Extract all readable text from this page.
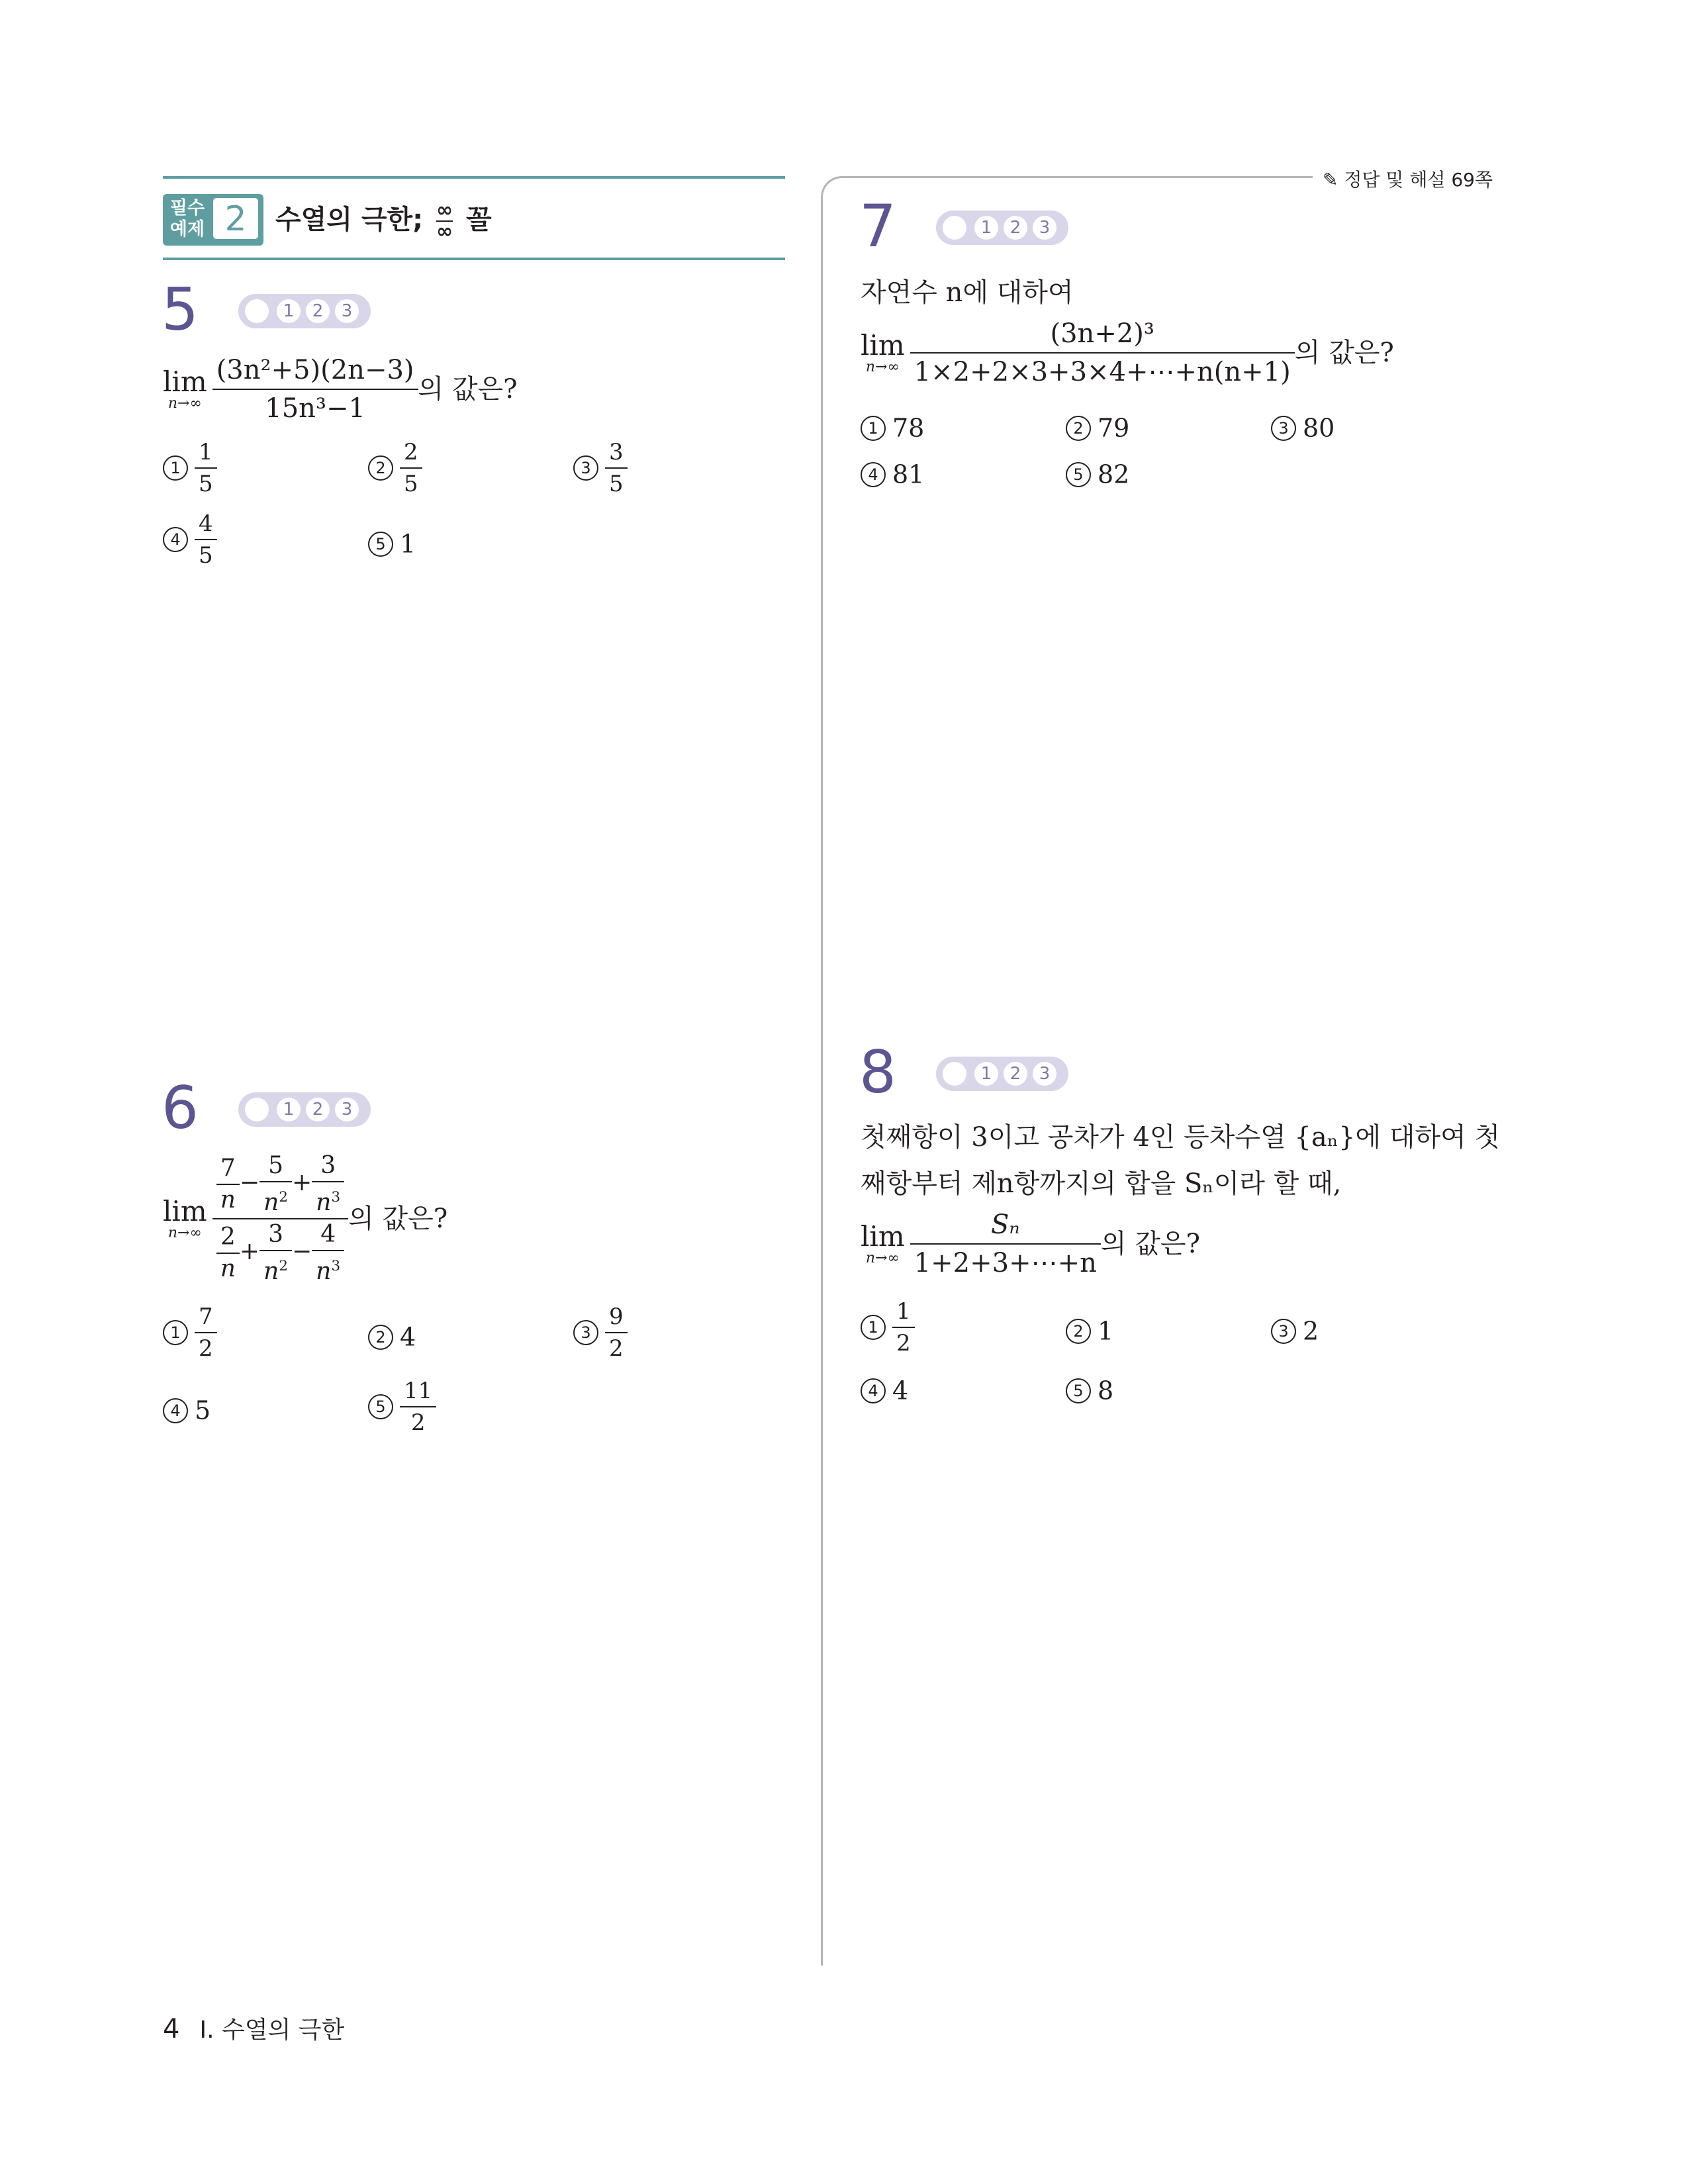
필수
예제 2	수열의 극한; $\frac{\infty}{\infty}$ 꼴
✎ 정답 및 해설 69쪽
5	1	2	3
lim
$n\to\infty \frac{\text{(3n²+5)(2n−3)}}{\text{15n³−1}}$ 의 값은?
$1 \frac{1}{5}$	$2 \frac{2}{5}$	$3 \frac{3}{5}$
$4 \frac{4}{5}$	5 1
6	1	2	3
lim
$n\to\infty \frac{\frac{7}{n} - \frac{5}{n^2} + \frac{3}{n^3}}{\frac{2}{n} + \frac{3}{n^2} - \frac{4}{n^3}}$ 의 값은?
$1 \frac{7}{2}$	2 4	$3 \frac{9}{2}$
4 5	$5 \frac{11}{2}$
7	1	2	3
자연수 n에 대하여
lim
$n\to\infty \frac{\text{(3n+2)³}}{1\times 2+2\times 3+3\times 4+\cdots+n(n+1)}$ 의 값은?
1 78	2 79	3 80
4 81	5 82
8	1	2	3
첫째항이 3이고 공차가 4인 등차수열 {aₙ}에 대하여 첫
째항부터 제n항까지의 합을 Sₙ이라 할 때,
lim
$n\to\infty \frac{\text{Sₙ}}{1+2+3+\cdots+n}$ 의 값은?
$1 \frac{1}{2}$	2 1	3 2
4 4	5 8
4 I. 수열의 극한
